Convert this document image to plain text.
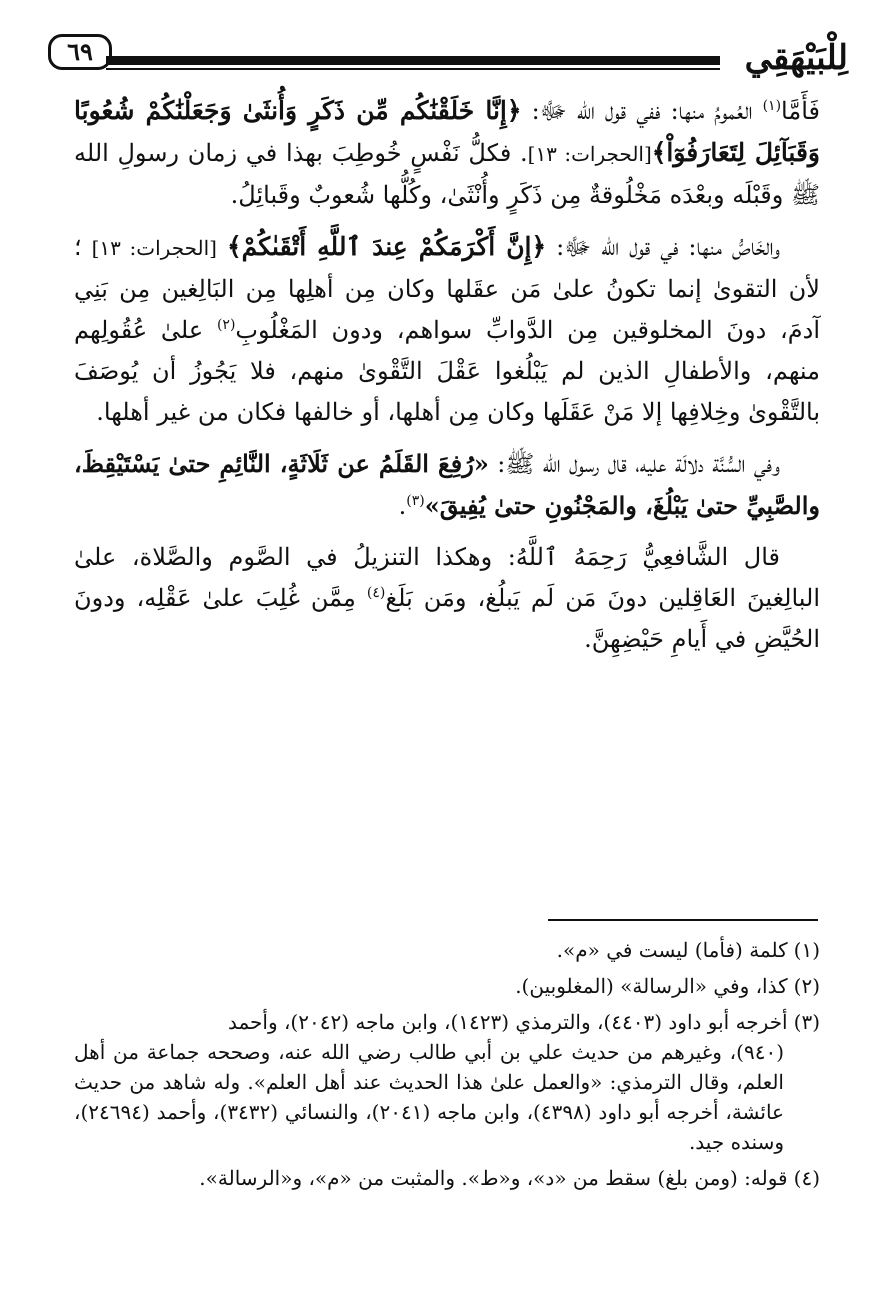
لِلْبَيْهَقِي
٦٩

فَأَمَّا$^{(١)}$ العُمومُ منها: ففي قول الله ﷻ: ﴿إِنَّا خَلَقْنَٰكُم مِّن ذَكَرٍ وَأُنثَىٰ وَجَعَلْنَٰكُمْ شُعُوبًا وَقَبَآئِلَ لِتَعَارَفُوٓاْ﴾[الحجرات: ١٣]. فكلُّ نَفْسٍ خُوطِبَ بهذا في زمان رسولِ الله ﷺ وقَبْلَه وبعْدَه مَخْلُوقةٌ مِن ذَكَرٍ وأُنْثَىٰ، وكُلُّها شُعوبٌ وقَبائِلُ.

والخَاصُّ منها: في قول الله ﷻ: ﴿إِنَّ أَكْرَمَكُمْ عِندَ ٱللَّهِ أَتْقَىٰكُمْ﴾ [الحجرات: ١٣] ؛ لأن التقوىٰ إنما تكونُ علىٰ مَن عقَلها وكان مِن أهلِها مِن البَالِغين مِن بَنِي آدمَ، دونَ المخلوقين مِن الدَّوابِّ سواهم، ودون المَغْلُوبِ$^{(٢)}$ علىٰ عُقُولِهم منهم، والأطفالِ الذين لم يَبْلُغوا عَقْلَ التَّقْوىٰ منهم، فلا يَجُوزُ أن يُوصَفَ بالتَّقْوىٰ وخِلافِها إلا مَنْ عَقَلَها وكان مِن أهلها، أو خالفها فكان من غير أهلها.

وفي السُّنَّة دلالَة عليه، قال رسول الله ﷺ: «رُفِعَ القَلَمُ عن ثَلَاثَةٍ، النَّائِمِ حتىٰ يَسْتَيْقِظَ، والصَّبِيِّ حتىٰ يَبْلُغَ، والمَجْنُونِ حتىٰ يُفِيقَ»$^{(٣)}$.

قال الشَّافعِيُّ رَحِمَهُ ٱللَّهُ: وهكذا التنزيلُ في الصَّوم والصَّلاة، علىٰ البالِغينَ العَاقِلين دونَ مَن لَم يَبلُغ، ومَن بَلَغ$^{(٤)}$ مِمَّن غُلِبَ علىٰ عَقْلِه، ودونَ الحُيَّضِ في أَيامِ حَيْضِهِنَّ.

(١)كلمة (فأما) ليست في «م».

(٢)كذا، وفي «الرسالة» (المغلوبين).

(٣)أخرجه أبو داود (٤٤٠٣)، والترمذي (١٤٢٣)، وابن ماجه (٢٠٤٢)، وأحمد
(٩٤٠)، وغيرهم من حديث علي بن أبي طالب رضي الله عنه، وصححه جماعة من أهل العلم، وقال الترمذي: «والعمل علىٰ هذا الحديث عند أهل العلم». وله شاهد من حديث عائشة، أخرجه أبو داود (٤٣٩٨)، وابن ماجه (٢٠٤١)، والنسائي (٣٤٣٢)، وأحمد (٢٤٦٩٤)، وسنده جيد.

(٤)قوله: (ومن بلغ) سقط من «د»، و«ط». والمثبت من «م»، و«الرسالة».
